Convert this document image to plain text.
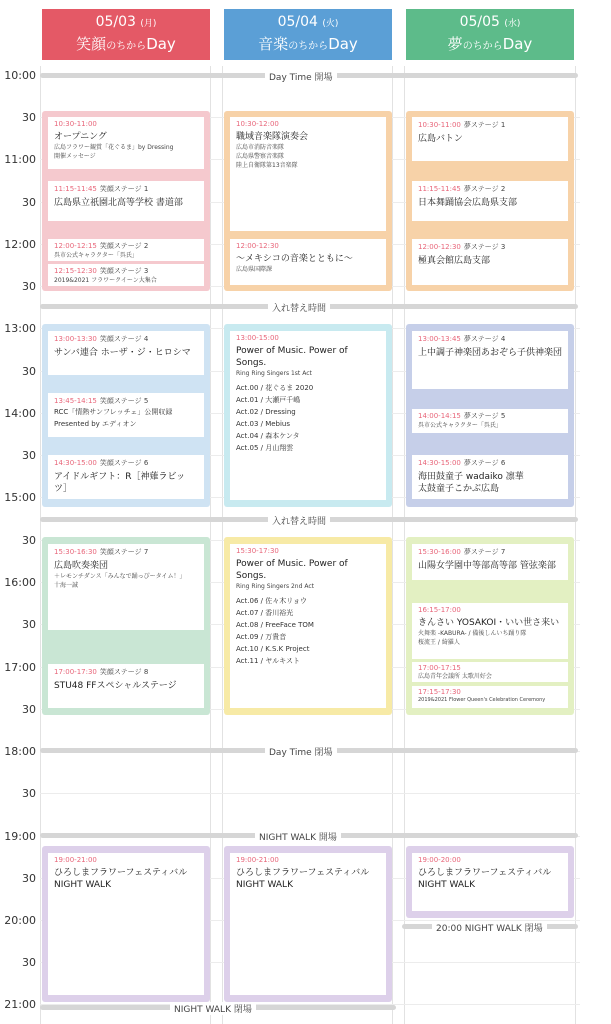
05/03 (月)
笑顔のちからDay
05/04 (火)
音楽のちからDay
05/05 (水)
夢のちからDay
10:00
30
11:00
30
12:00
30
13:00
30
14:00
30
15:00
30
16:00
30
17:00
30
18:00
30
19:00
30
20:00
30
21:00
10:30-11:00
オープニング
広島フラワー観賞「花ぐるま」by Dressing
開催メッセージ
11:15-11:45 笑顔ステージ 1
広島県立祇園北高等学校 書道部
12:00-12:15 笑顔ステージ 2
呉市公式キャラクター「呉氏」
12:15-12:30 笑顔ステージ 3
2019&2021 フラワークイーン大集合
13:00-13:30 笑顔ステージ 4
サンバ連合 ホーザ・ジ・ヒロシマ
13:45-14:15 笑顔ステージ 5
RCC「情熱サンフレッチェ」公開収録
Presented by エディオン
14:30-15:00 笑顔ステージ 6
アイドルギフト：R［神薙ラビッツ］
15:30-16:30 笑顔ステージ 7
広島吹奏楽団
＋レモンチダンス「みんなで踊っぴータイム！」
十海一誠
17:00-17:30 笑顔ステージ 8
STU48 FFスペシャルステージ
19:00-21:00
ひろしまフラワーフェスティバル
NIGHT WALK
10:30-12:00
職域音楽隊演奏会
広島市消防音楽隊
広島県警察音楽隊
陸上自衛隊第13音楽隊
12:00-12:30
〜メキシコの音楽とともに〜
広島県国際課
13:00-15:00
Power of Music. Power of Songs.
Ring Ring Singers 1st Act
Act.00 / 花ぐるま 2020
Act.01 / 大瀬戸千嶋
Act.02 / Dressing
Act.03 / Mebius
Act.04 / 森本ケンタ
Act.05 / 月山翔雲
15:30-17:30
Power of Music. Power of Songs.
Ring Ring Singers 2nd Act
Act.06 / 佐々木リョウ
Act.07 / 香川裕光
Act.08 / FreeFace TOM
Act.09 / 万貴音
Act.10 / K.S.K Project
Act.11 / ヤルキスト
19:00-21:00
ひろしまフラワーフェスティバル
NIGHT WALK
10:30-11:00 夢ステージ 1
広島バトン
11:15-11:45 夢ステージ 2
日本舞踊協会広島県支部
12:00-12:30 夢ステージ 3
極真会館広島支部
13:00-13:45 夢ステージ 4
上中調子神楽団あおぞら子供神楽団
14:00-14:15 夢ステージ 5
呉市公式キャラクター「呉氏」
14:30-15:00 夢ステージ 6
海田鼓童子 wadaiko 凛華
太鼓童子こかぶ広島
15:30-16:00 夢ステージ 7
山陽女学園中等部高等部 管弦楽部
16:15-17:00
きんさい YOSAKOI・いい世さ来い
火舞楽 -KABURA- / 備後しんいち踊り隊
桜流王 / 綺羅人
17:00-17:15
広島青年会議所 太歌川好会
17:15-17:30
2019&2021 Flower Queen's Celebration Ceremony
19:00-20:00
ひろしまフラワーフェスティバル
NIGHT WALK
Day Time 開場
入れ替え時間
入れ替え時間
Day Time 閉場
NIGHT WALK 開場
20:00 NIGHT WALK 閉場
NIGHT WALK 閉場
